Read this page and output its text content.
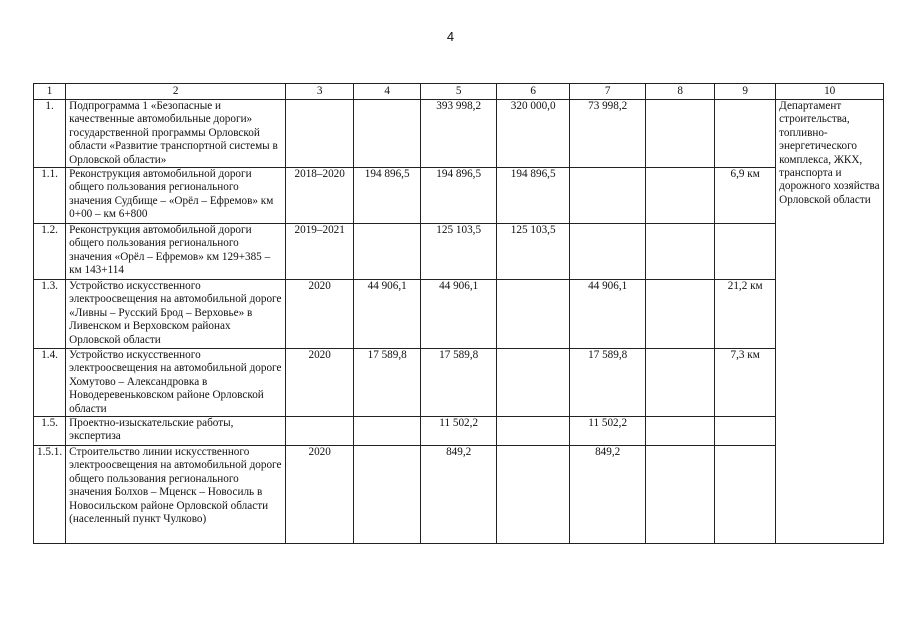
4
1	2	3	4	5	6	7	8	9	10
1.	Подпрограмма 1 «Безопасные и качественные автомобильные дороги» государственной программы Орловской области «Развитие транспортной системы в Орловской области»			393 998,2	320 000,0	73 998,2			Департамент строительства, топливно-энергетического комплекса, ЖКХ, транспорта и дорожного хозяйства Орловской области
1.1.	Реконструкция автомобильной дороги общего пользования регионального значения Судбище – «Орёл – Ефремов» км 0+00 – км 6+800	2018–2020	194 896,5	194 896,5	194 896,5			6,9 км	
1.2.	Реконструкция автомобильной дороги общего пользования регионального значения «Орёл – Ефремов» км 129+385 – км 143+114	2019–2021		125 103,5	125 103,5				
1.3.	Устройство искусственного электроосвещения на автомобильной дороге «Ливны – Русский Брод – Верховье» в Ливенском и Верховском районах Орловской области	2020	44 906,1	44 906,1		44 906,1		21,2 км	
1.4.	Устройство искусственного электроосвещения на автомобильной дороге Хомутово – Александровка в Новодеревеньковском районе Орловской области	2020	17 589,8	17 589,8		17 589,8		7,3 км	
1.5.	Проектно-изыскательские работы, экспертиза			11 502,2		11 502,2			
1.5.1.	Строительство линии искусственного электроосвещения на автомобильной дороге общего пользования регионального значения Болхов – Мценск – Новосиль в Новосильском районе Орловской области (населенный пункт Чулково)	2020		849,2		849,2			
